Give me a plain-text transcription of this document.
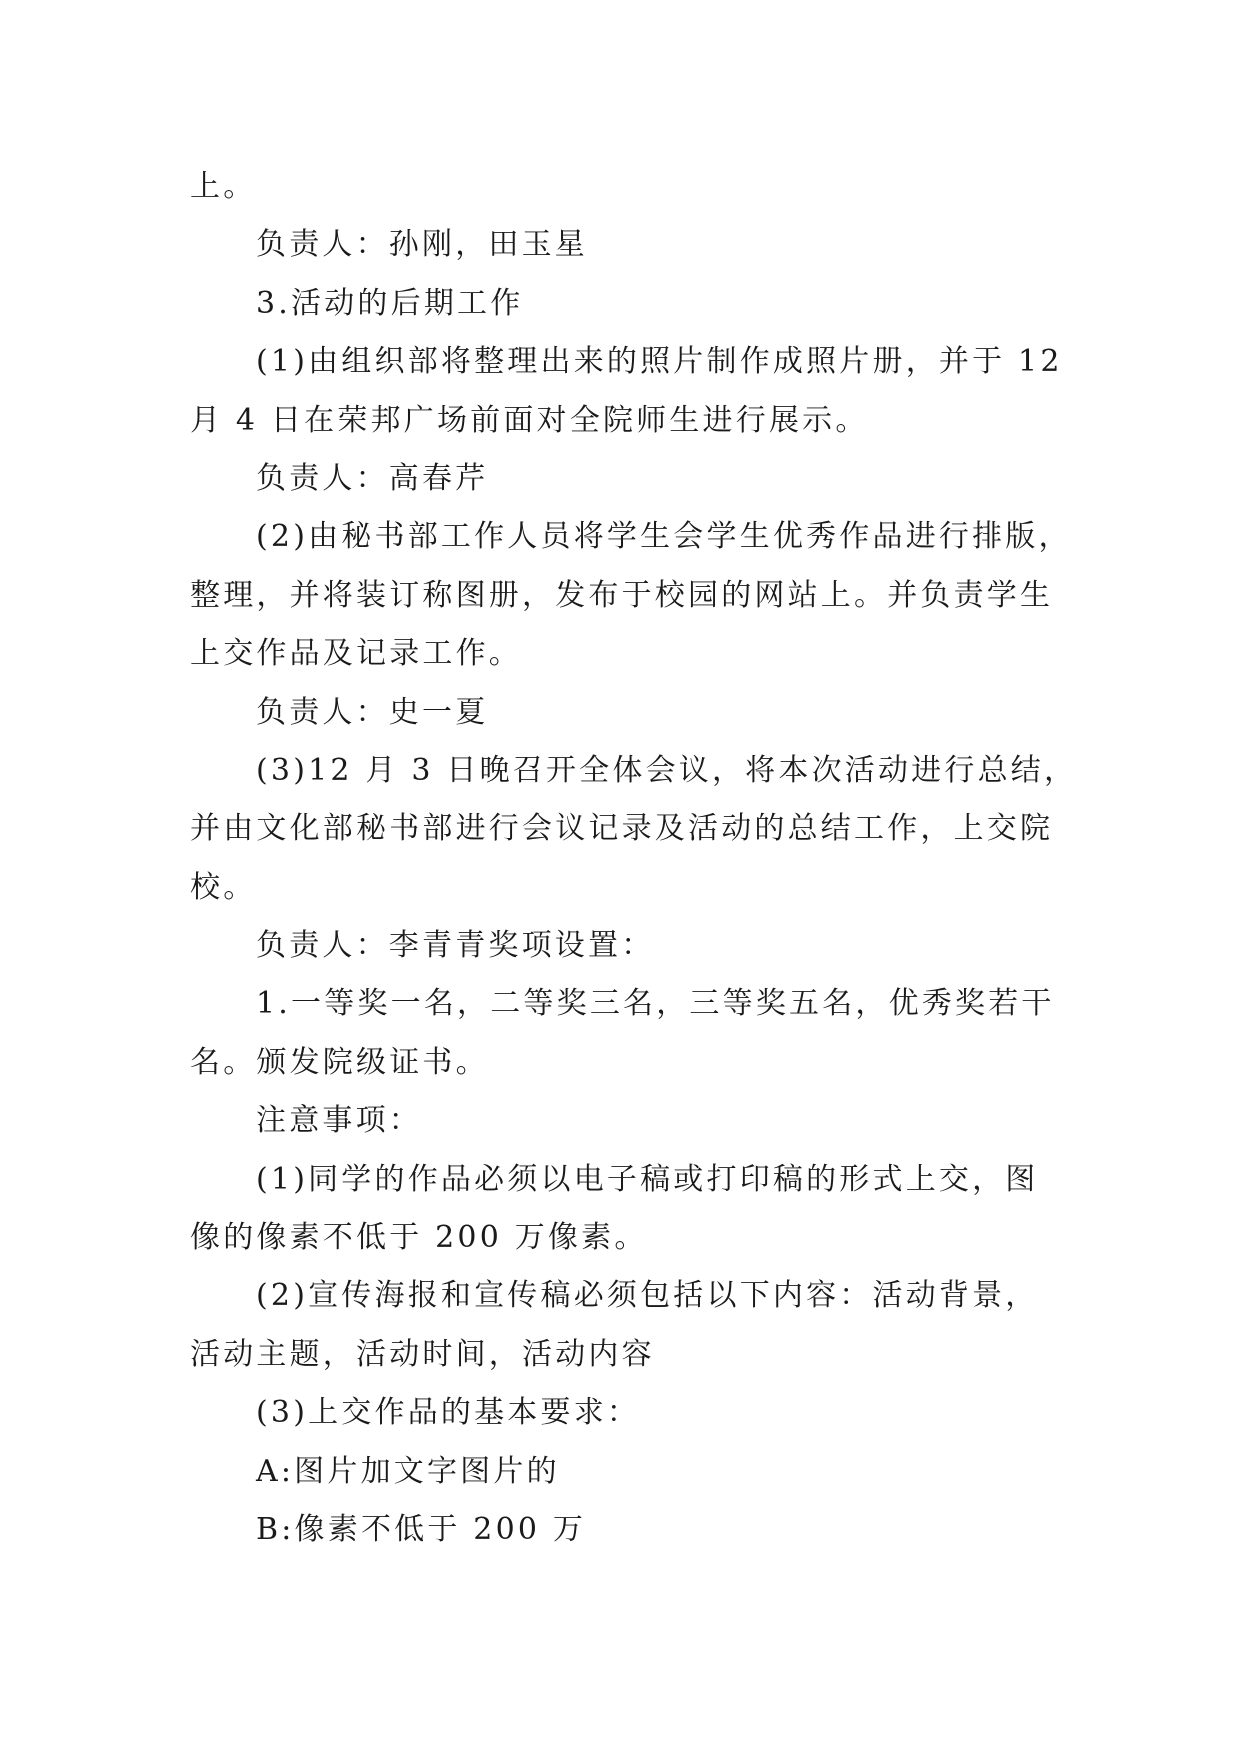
上。
负责人：孙刚，田玉星
3.活动的后期工作
(1)由组织部将整理出来的照片制作成照片册，并于 12
月 4 日在荣邦广场前面对全院师生进行展示。
负责人：高春芹
(2)由秘书部工作人员将学生会学生优秀作品进行排版，
整理，并将装订称图册，发布于校园的网站上。并负责学生
上交作品及记录工作。
负责人：史一夏
(3)12 月 3 日晚召开全体会议，将本次活动进行总结，
并由文化部秘书部进行会议记录及活动的总结工作，上交院
校。
负责人：李青青奖项设置：
1.一等奖一名，二等奖三名，三等奖五名，优秀奖若干
名。颁发院级证书。
注意事项：
(1)同学的作品必须以电子稿或打印稿的形式上交，图
像的像素不低于 200 万像素。
(2)宣传海报和宣传稿必须包括以下内容：活动背景，
活动主题，活动时间，活动内容
(3)上交作品的基本要求：
A:图片加文字图片的
B:像素不低于 200 万
